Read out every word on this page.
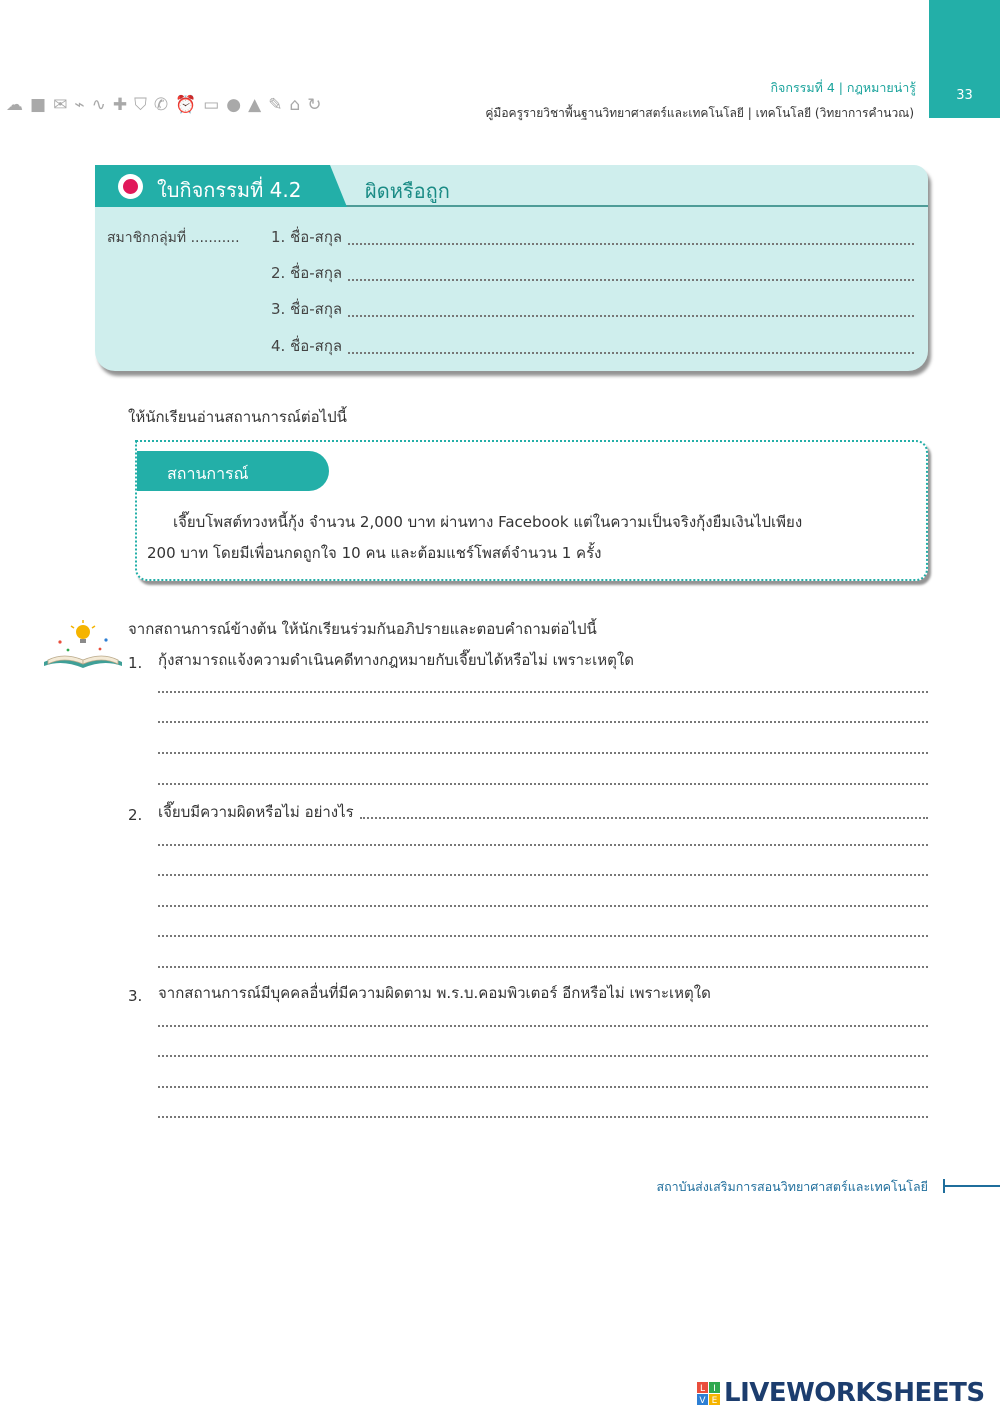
33
☁ ■ ✉ ⌁ ∿ ✚ ⛉ ✆ ⏰ ▭ ● ▲ ✎ ⌂ ↻
กิจกรรมที่ 4 | กฎหมายน่ารู้
คู่มือครูรายวิชาพื้นฐานวิทยาศาสตร์และเทคโนโลยี | เทคโนโลยี (วิทยาการคำนวณ)
ใบกิจกรรมที่ 4.2	ผิดหรือถูก
สมาชิกกลุ่มที่ ........... 1. ชื่อ-สกุล
2. ชื่อ-สกุล
3. ชื่อ-สกุล
4. ชื่อ-สกุล
ให้นักเรียนอ่านสถานการณ์ต่อไปนี้
สถานการณ์
เจี๊ยบโพสต์ทวงหนี้กุ้ง จำนวน 2,000 บาท ผ่านทาง Facebook แต่ในความเป็นจริงกุ้งยืมเงินไปเพียง
200 บาท โดยมีเพื่อนกดถูกใจ 10 คน และต้อมแชร์โพสต์จำนวน 1 ครั้ง
จากสถานการณ์ข้างต้น ให้นักเรียนร่วมกันอภิปรายและตอบคำถามต่อไปนี้
1.	กุ้งสามารถแจ้งความดำเนินคดีทางกฎหมายกับเจี๊ยบได้หรือไม่ เพราะเหตุใด
2.	เจี๊ยบมีความผิดหรือไม่ อย่างไร
3.	จากสถานการณ์มีบุคคลอื่นที่มีความผิดตาม พ.ร.บ.คอมพิวเตอร์ อีกหรือไม่ เพราะเหตุใด
สถาบันส่งเสริมการสอนวิทยาศาสตร์และเทคโนโลยี
L I
V E LIVEWORKSHEETS
